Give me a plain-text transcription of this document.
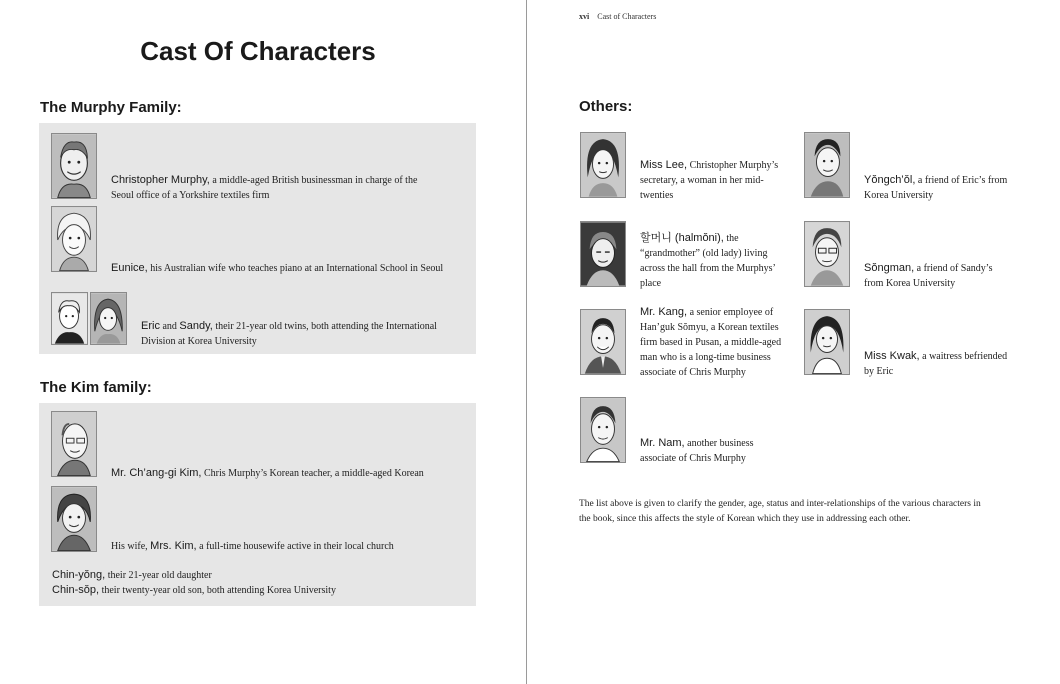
Cast Of Characters
The Murphy Family:
Christopher Murphy, a middle-aged British businessman in charge of the
Seoul office of a Yorkshire textiles firm
Eunice, his Australian wife who teaches piano at an International School in Seoul
Eric and Sandy, their 21-year old twins, both attending the International
Division at Korea University
The Kim family:
Mr. Ch’ang-gi Kim, Chris Murphy’s Korean teacher, a middle-aged Korean
His wife, Mrs. Kim, a full-time housewife active in their local church
Chin-yŏng, their 21-year old daughter
Chin-sŏp, their twenty-year old son, both attending Korea University
xvi Cast of Characters
Others:
Miss Lee, Christopher Murphy’s
secretary, a woman in her mid-
twenties
할머니 (halmŏni), the
“grandmother” (old lady) living
across the hall from the Murphys’
place
Mr. Kang, a senior employee of
Han’guk Sŏmyu, a Korean textiles
firm based in Pusan, a middle-aged
man who is a long-time business
associate of Chris Murphy
Mr. Nam, another business
associate of Chris Murphy
Yŏngch’ŏl, a friend of Eric’s from
Korea University
Sŏngman, a friend of Sandy’s
from Korea University
Miss Kwak, a waitress befriended
by Eric
The list above is given to clarify the gender, age, status and inter-relationships of the various characters in
the book, since this affects the style of Korean which they use in addressing each other.
